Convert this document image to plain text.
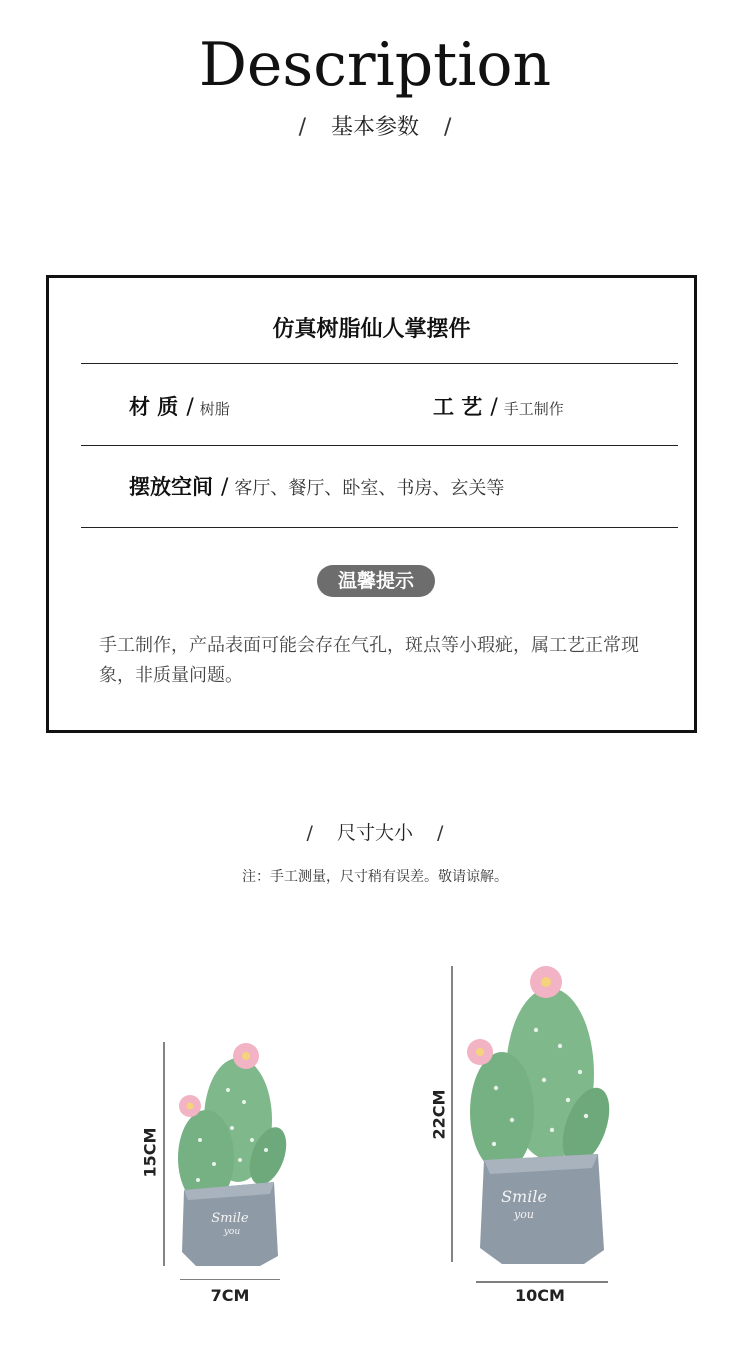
Description
/ 基本参数 /
仿真树脂仙人掌摆件
材 质 / 树脂	工 艺 / 手工制作
摆放空间 / 客厅、餐厅、卧室、书房、玄关等
温馨提示
手工制作，产品表面可能会存在气孔，斑点等小瑕疵，属工艺正常现象，非质量问题。
/ 尺寸大小 /
注：手工测量，尺寸稍有误差。敬请谅解。
Smile
you
15CM
7CM
Smile
you
22CM
10CM
